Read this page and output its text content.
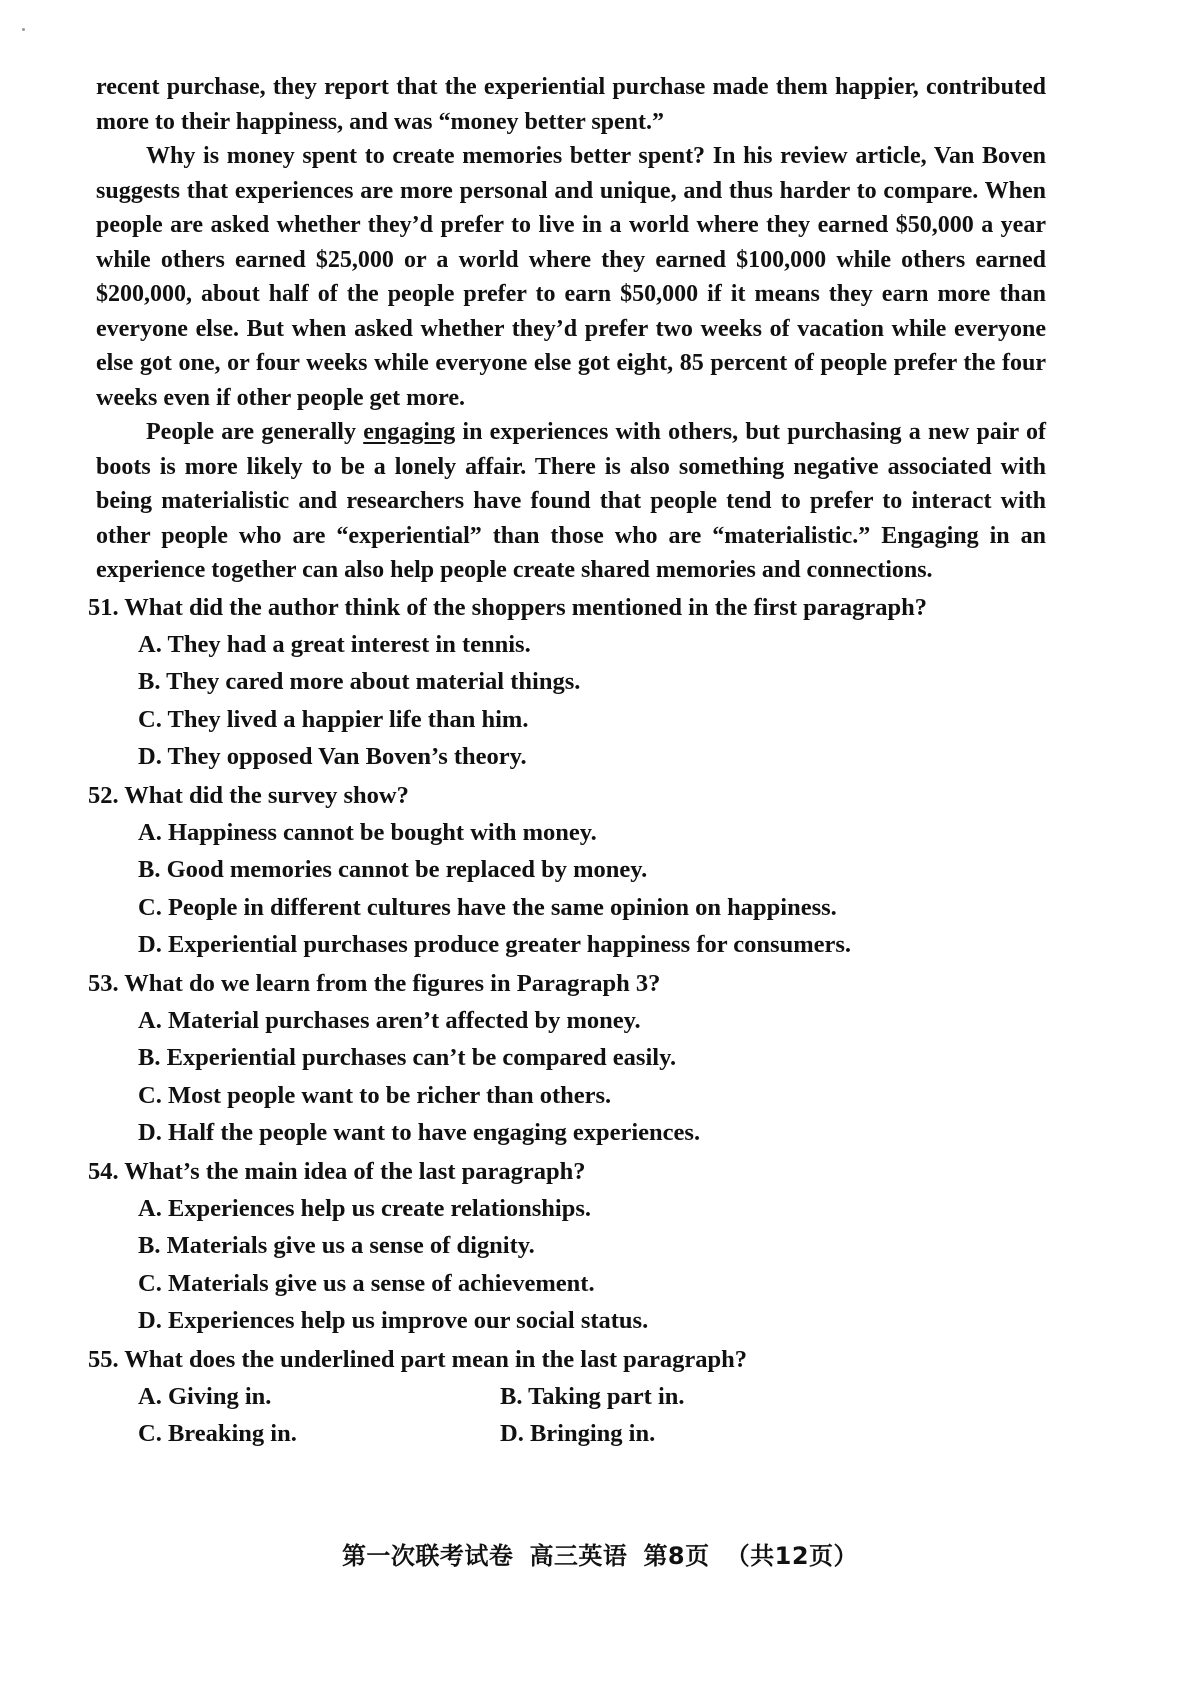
recent purchase, they report that the experiential purchase made them happier, contributed more to their happiness, and was “money better spent.”

Why is money spent to create memories better spent? In his review article, Van Boven suggests that experiences are more personal and unique, and thus harder to compare. When people are asked whether they’d prefer to live in a world where they earned $50,000 a year while others earned $25,000 or a world where they earned $100,000 while others earned $200,000, about half of the people prefer to earn $50,000 if it means they earn more than everyone else. But when asked whether they’d prefer two weeks of vacation while everyone else got one, or four weeks while everyone else got eight, 85 percent of people prefer the four weeks even if other people get more.

People are generally engaging in experiences with others, but purchasing a new pair of boots is more likely to be a lonely affair. There is also something negative associated with being materialistic and researchers have found that people tend to prefer to interact with other people who are “experiential” than those who are “materialistic.” Engaging in an experience together can also help people create shared memories and connections.

51. What did the author think of the shoppers mentioned in the first paragraph?

A. They had a great interest in tennis.
B. They cared more about material things.
C. They lived a happier life than him.
D. They opposed Van Boven’s theory.

52. What did the survey show?

A. Happiness cannot be bought with money.
B. Good memories cannot be replaced by money.
C. People in different cultures have the same opinion on happiness.
D. Experiential purchases produce greater happiness for consumers.

53. What do we learn from the figures in Paragraph 3?

A. Material purchases aren’t affected by money.
B. Experiential purchases can’t be compared easily.
C. Most people want to be richer than others.
D. Half the people want to have engaging experiences.

54. What’s the main idea of the last paragraph?

A. Experiences help us create relationships.
B. Materials give us a sense of dignity.
C. Materials give us a sense of achievement.
D. Experiences help us improve our social status.

55. What does the underlined part mean in the last paragraph?

A. Giving in.	B. Taking part in.
C. Breaking in.	D. Bringing in.
第一次联考试卷 高三英语 第8页 （共12页）
